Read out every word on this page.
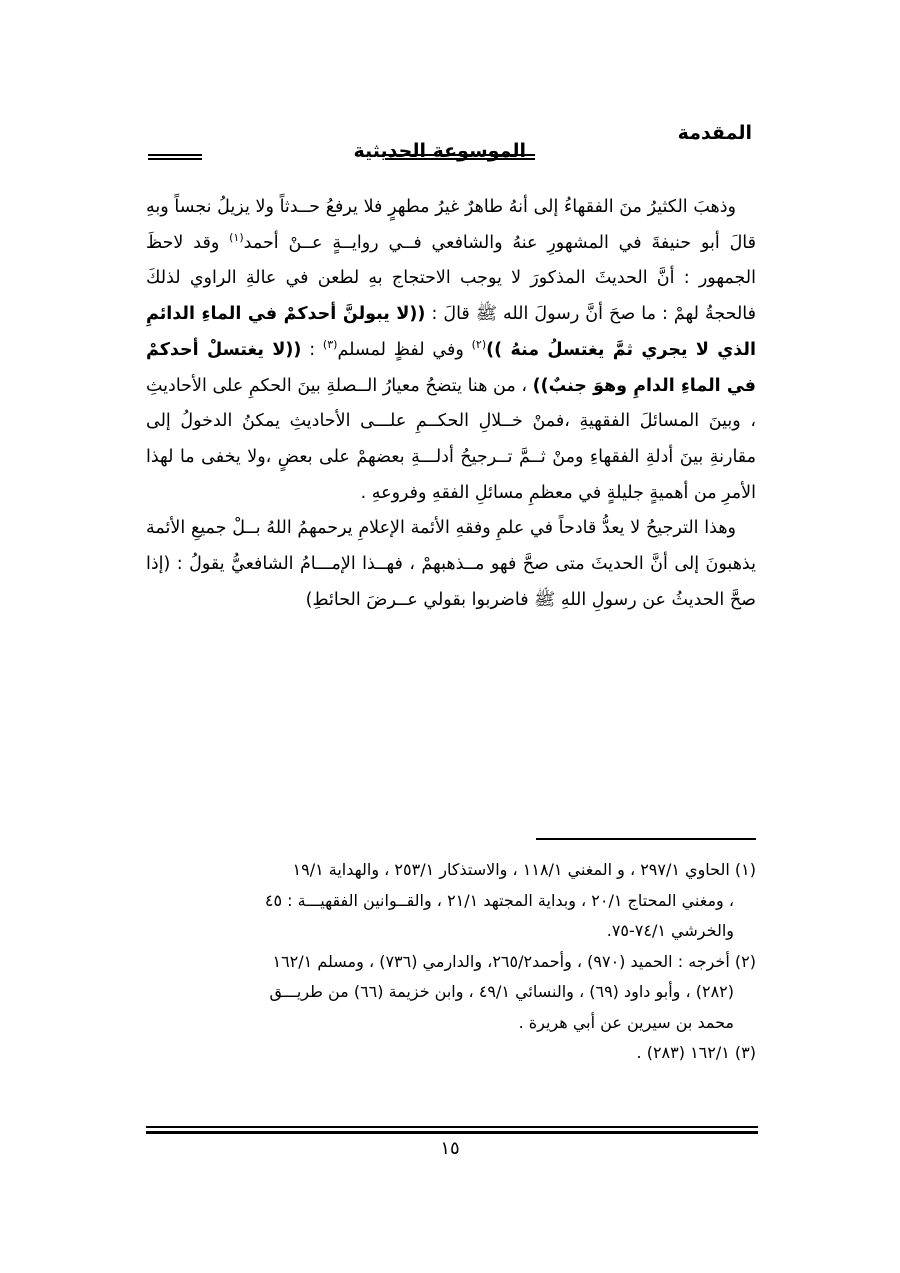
المقدمة
الموسوعة الحديثية

وذهبَ الكثيرُ منَ الفقهاءُ إلى أنهُ طاهرٌ غيرُ مطهرٍ فلا يرفعُ حــدثاً ولا يزيلُ نجساً وبهِ قالَ أبو حنيفةَ في المشهورِ عنهُ والشافعي فــي روايــةٍ عــنْ أحمد$^{(١)}$ وقد لاحظَ الجمهور : أنَّ الحديثَ المذكورَ لا يوجب الاحتجاج بهِ لطعن في عالةِ الراوي لذلكَ فالحجةُ لهمْ : ما صحَ أنَّ رسولَ الله ﷺ قالَ : ((لا يبولنَّ أحدكمْ في الماءِ الدائمِ الذي لا يجري ثمَّ يغتسلُ منهُ ))$^{(٢)}$ وفي لفظٍ لمسلم$^{(٣)}$ : ((لا يغتسلْ أحدكمْ في الماءِ الدامِ وهوَ جنبٌ)) ، من هنا يتضحُ معيارُ الــصلةِ بينَ الحكمِ على الأحاديثِ ، وبينَ المسائلَ الفقهيةِ ،فمنْ خــلالِ الحكــمِ علـــى الأحاديثِ يمكنُ الدخولُ إلى مقارنةِ بينَ أدلةِ الفقهاءِ ومنْ ثــمَّ تــرجيحُ أدلـــةِ بعضهمْ على بعضٍ ،ولا يخفى ما لهذا الأمرِ من أهميةٍ جليلةٍ في معظمِ مسائلِ الفقهِ وفروعهِ .

وهذا الترجيحُ لا يعدُّ قادحاً في علمِ وفقهِ الأئمة الإعلامِ يرحمهمُ اللهُ بــلْ جميعِ الأئمة يذهبونَ إلى أنَّ الحديثَ متى صحَّ فهو مــذهبهمْ ، فهــذا الإمـــامُ الشافعيُّ يقولُ : (إذا صحَّ الحديثُ عن رسولِ اللهِ ﷺ فاضربوا بقولي عــرضَ الحائطِ)

(١) الحاوي ٢٩٧/١ ، و المغني ١١٨/١ ، والاستذكار ٢٥٣/١ ، والهداية ١٩/١

، ومغني المحتاج ٢٠/١ ، وبداية المجتهد ٢١/١ ، والقــوانين الفقهيـــة : ٤٥

والخرشي ٧٤/١-٧٥.

(٢) أخرجه : الحميد (٩٧٠) ، وأحمد٢٦٥/٢، والدارمي (٧٣٦) ، ومسلم ١٦٢/١

(٢٨٢) ، وأبو داود (٦٩) ، والنسائي ٤٩/١ ، وابن خزيمة (٦٦) من طريـــق

محمد بن سيرين عن أبي هريرة .

(٣) ١٦٢/١ (٢٨٣) .

١٥
